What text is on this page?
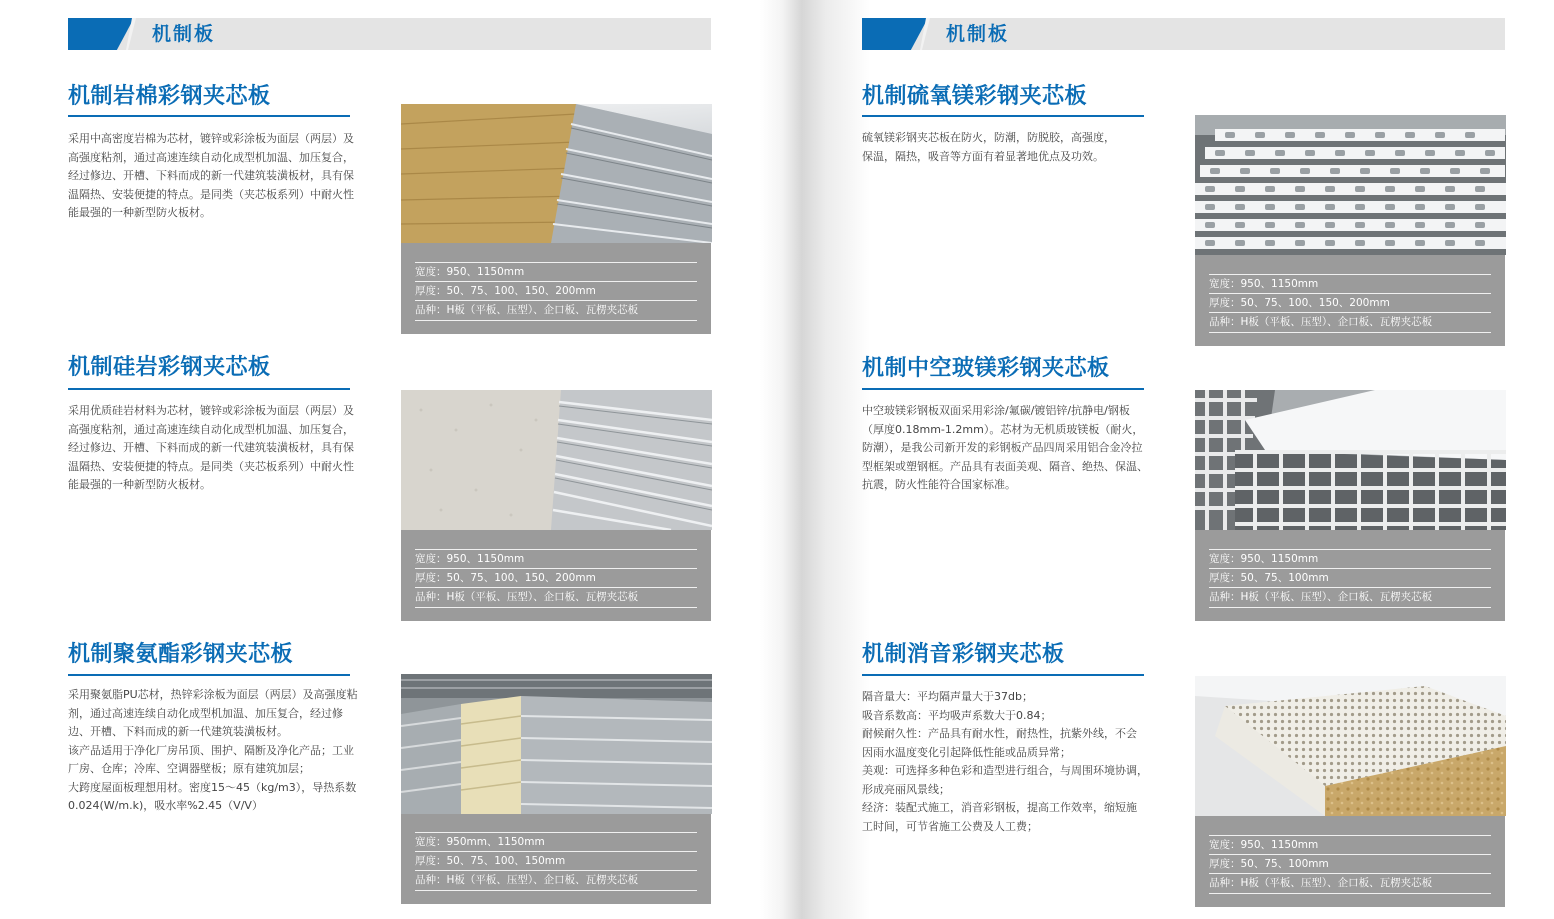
机制板	机制板
机制岩棉彩钢夹芯板

采用中高密度岩棉为芯材，镀锌或彩涂板为面层（两层）及

高强度粘剂，通过高速连续自动化成型机加温、加压复合，

经过修边、开槽、下料而成的新一代建筑装潢板材，具有保

温隔热、安装便捷的特点。是同类（夹芯板系列）中耐火性

能最强的一种新型防火板材。

宽度：950、1150mm
厚度：50、75、100、150、200mm
品种：H板（平板、压型）、企口板、瓦楞夹芯板
机制硅岩彩钢夹芯板

采用优质硅岩材料为芯材，镀锌或彩涂板为面层（两层）及

高强度粘剂，通过高速连续自动化成型机加温、加压复合，

经过修边、开槽、下料而成的新一代建筑装潢板材，具有保

温隔热、安装便捷的特点。是同类（夹芯板系列）中耐火性

能最强的一种新型防火板材。

宽度：950、1150mm
厚度：50、75、100、150、200mm
品种：H板（平板、压型）、企口板、瓦楞夹芯板
机制聚氨酯彩钢夹芯板

采用聚氨脂PU芯材，热锌彩涂板为面层（两层）及高强度粘

剂，通过高速连续自动化成型机加温、加压复合，经过修

边、开槽、下料而成的新一代建筑装潢板材。

该产品适用于净化厂房吊顶、围护、隔断及净化产品；工业

厂房、仓库；冷库、空调器壁板；原有建筑加层；

大跨度屋面板理想用材。密度15～45（kg/m3），导热系数

0.024(W/m.k)，吸水率%2.45（V/V）

宽度：950mm、1150mm
厚度：50、75、100、150mm
品种：H板（平板、压型）、企口板、瓦楞夹芯板
机制硫氧镁彩钢夹芯板

硫氧镁彩钢夹芯板在防火，防潮，防脱胶，高强度，

保温，隔热，吸音等方面有着显著地优点及功效。

宽度：950、1150mm
厚度：50、75、100、150、200mm
品种：H板（平板、压型）、企口板、瓦楞夹芯板
机制中空玻镁彩钢夹芯板

中空玻镁彩钢板双面采用彩涂/氟碳/镀铝锌/抗静电/钢板

（厚度0.18mm-1.2mm）。芯材为无机质玻镁板（耐火，

防潮），是我公司新开发的彩钢板产品四周采用铝合金冷拉

型框架或塑钢框。产品具有表面美观、隔音、绝热、保温、

抗震，防火性能符合国家标准。

宽度：950、1150mm
厚度：50、75、100mm
品种：H板（平板、压型）、企口板、瓦楞夹芯板
机制消音彩钢夹芯板

隔音量大：平均隔声量大于37db；

吸音系数高：平均吸声系数大于0.84；

耐候耐久性：产品具有耐水性，耐热性，抗紫外线，不会

因雨水温度变化引起降低性能或品质异常；

美观：可选择多种色彩和造型进行组合，与周围环境协调，

形成亮丽风景线；

经济：装配式施工，消音彩钢板，提高工作效率，缩短施

工时间，可节省施工公费及人工费；

宽度：950、1150mm
厚度：50、75、100mm
品种：H板（平板、压型）、企口板、瓦楞夹芯板
